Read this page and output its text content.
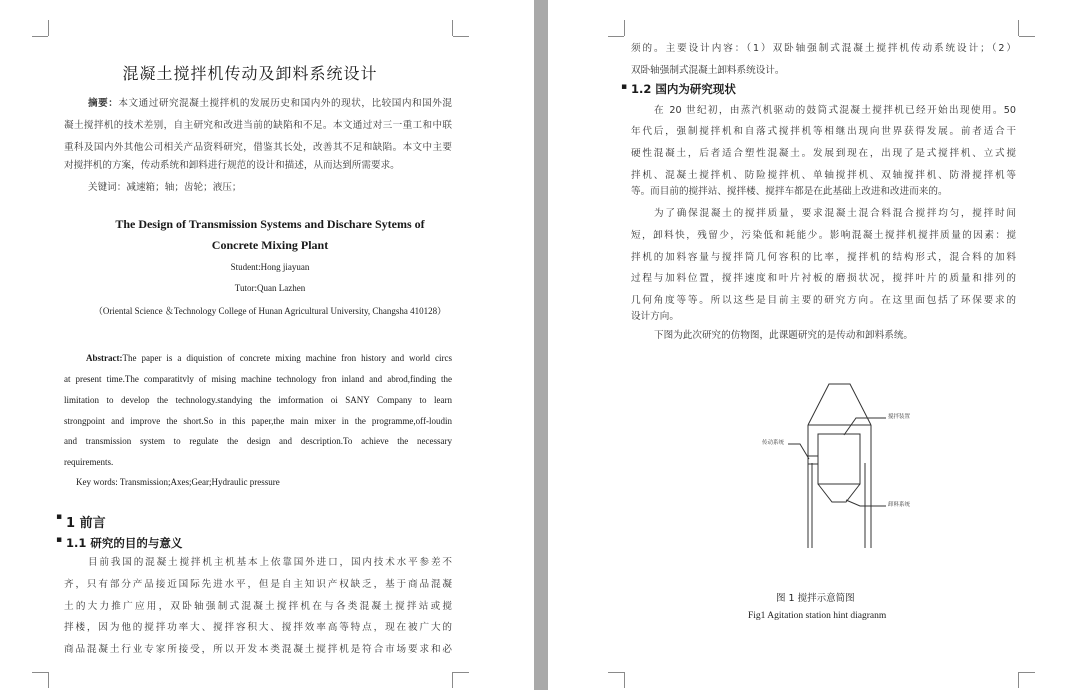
混凝土搅拌机传动及卸料系统设计
摘要：本文通过研究混凝土搅拌机的发展历史和国内外的现状，比较国内和国外混
凝土搅拌机的技术差别，自主研究和改进当前的缺陷和不足。本文通过对三一重工和中联
重科及国内外其他公司相关产品资料研究，借鉴其长处，改善其不足和缺陷。本文中主要
对搅拌机的方案，传动系统和卸料进行规范的设计和描述，从而达到所需要求。
关键词：减速箱；轴；齿轮；液压；
The Design of Transmission Systems and Dischare Sytems of
Concrete Mixing Plant
Student:Hong jiayuan
Tutor:Quan Lazhen
（Oriental Science ＆Technology College of Hunan Agricultural University, Changsha 410128）
Abstract:The paper is a diquistion of concrete mixing machine fron history and world circs
at present time.The comparatitvly of mising machine technology fron inland and abrod,finding the
limitation to develop the technology.standying the imformation oi SANY Company to learn
strongpoint and improve the short.So in this paper,the main mixer in the programme,off-loudin
and transmission system to regulate the design and description.To achieve the necessary
requirements.
Key words: Transmission;Axes;Gear;Hydraulic pressure
▪ 1 前言
▪ 1.1 研究的目的与意义
目前我国的混凝土搅拌机主机基本上依靠国外进口，国内技术水平参差不
齐，只有部分产品接近国际先进水平，但是自主知识产权缺乏，基于商品混凝
土的大力推广应用，双卧轴强制式混凝土搅拌机在与各类混凝土搅拌站或搅
拌楼，因为他的搅拌功率大、搅拌容积大、搅拌效率高等特点，现在被广大的
商品混凝土行业专家所接受，所以开发本类混凝土搅拌机是符合市场要求和必
须的。主要设计内容：（1）双卧轴强制式混凝土搅拌机传动系统设计；（2）
双卧轴强制式混凝土卸料系统设计。
▪ 1.2 国内为研究现状
在 20 世纪初，由蒸汽机驱动的鼓筒式混凝土搅拌机已经开始出现使用。50
年代后，强制搅拌机和自落式搅拌机等相继出现向世界获得发展。前者适合干
硬性混凝土，后者适合塑性混凝土。发展到现在，出现了是式搅拌机、立式搅
拌机、混凝土搅拌机、防险搅拌机、单轴搅拌机、双轴搅拌机、防滑搅拌机等
等。而目前的搅拌站、搅拌楼、搅拌车都是在此基础上改进和改进而来的。
为了确保混凝土的搅拌质量，要求混凝土混合料混合搅拌均匀，搅拌时间
短，卸料快，残留少，污染低和耗能少。影响混凝土搅拌机搅拌质量的因素：搅
拌机的加料容量与搅拌筒几何容积的比率，搅拌机的结构形式，混合料的加料
过程与加料位置，搅拌速度和叶片衬板的磨损状况，搅拌叶片的质量和排列的
几何角度等等。所以这些是目前主要的研究方向。在这里面包括了环保要求的
设计方向。
下图为此次研究的仿物图，此课题研究的是传动和卸料系统。
搅拌装置
传动系统
卸料系统
图 1 搅拌示意简图
Fig1 Agitation station hint diagranm
